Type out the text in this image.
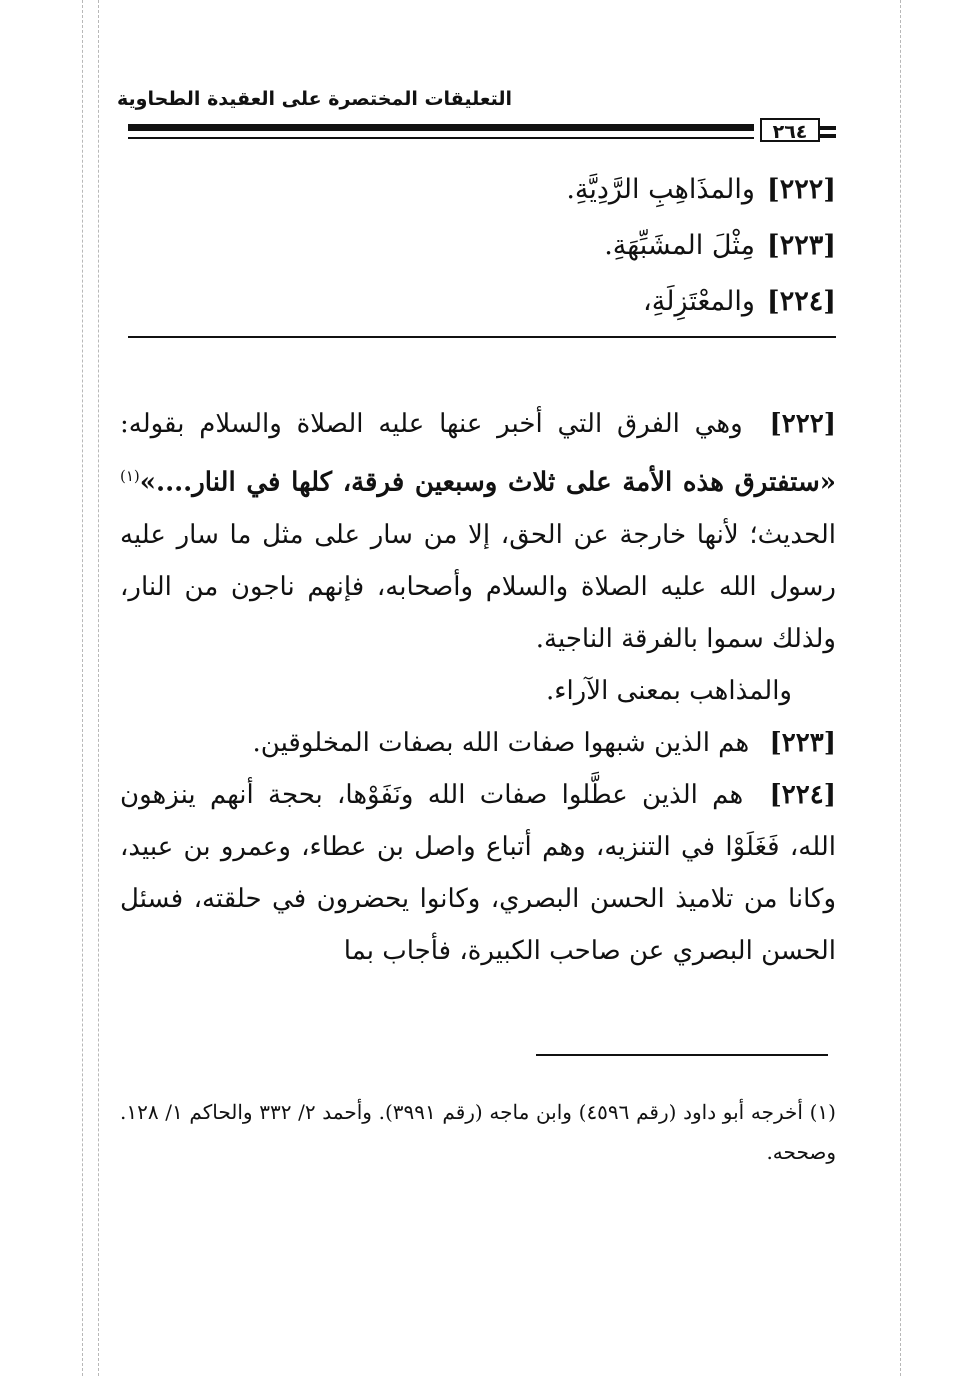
التعليقات المختصرة على العقيدة الطحاوية
٢٦٤
[٢٢٢]والمذَاهِبِ الرَّدِيَّةِ.
[٢٢٣]مِثْلَ المشَبِّهَةِ.
[٢٢٤]والمعْتَزِلَةِ،

[٢٢٢] وهي الفرق التي أخبر عنها عليه الصلاة والسلام بقوله: «ستفترق هذه الأمة على ثلاث وسبعين فرقة، كلها في النار....»$^{(١)}$ الحديث؛ لأنها خارجة عن الحق، إلا من سار على مثل ما سار عليه رسول الله عليه الصلاة والسلام وأصحابه، فإنهم ناجون من النار، ولذلك سموا بالفرقة الناجية.

والمذاهب بمعنى الآراء.

[٢٢٣] هم الذين شبهوا صفات الله بصفات المخلوقين.

[٢٢٤] هم الذين عطَّلوا صفات الله ونَفَوْها، بحجة أنهم ينزهون الله، فَغَلَوْا في التنزيه، وهم أتباع واصل بن عطاء، وعمرو بن عبيد، وكانا من تلاميذ الحسن البصري، وكانوا يحضرون في حلقته، فسئل الحسن البصري عن صاحب الكبيرة، فأجاب بما

(١) أخرجه أبو داود (رقم ٤٥٩٦) وابن ماجه (رقم ٣٩٩١). وأحمد ٢/ ٣٣٢ والحاكم ١/ ١٢٨. وصححه.
